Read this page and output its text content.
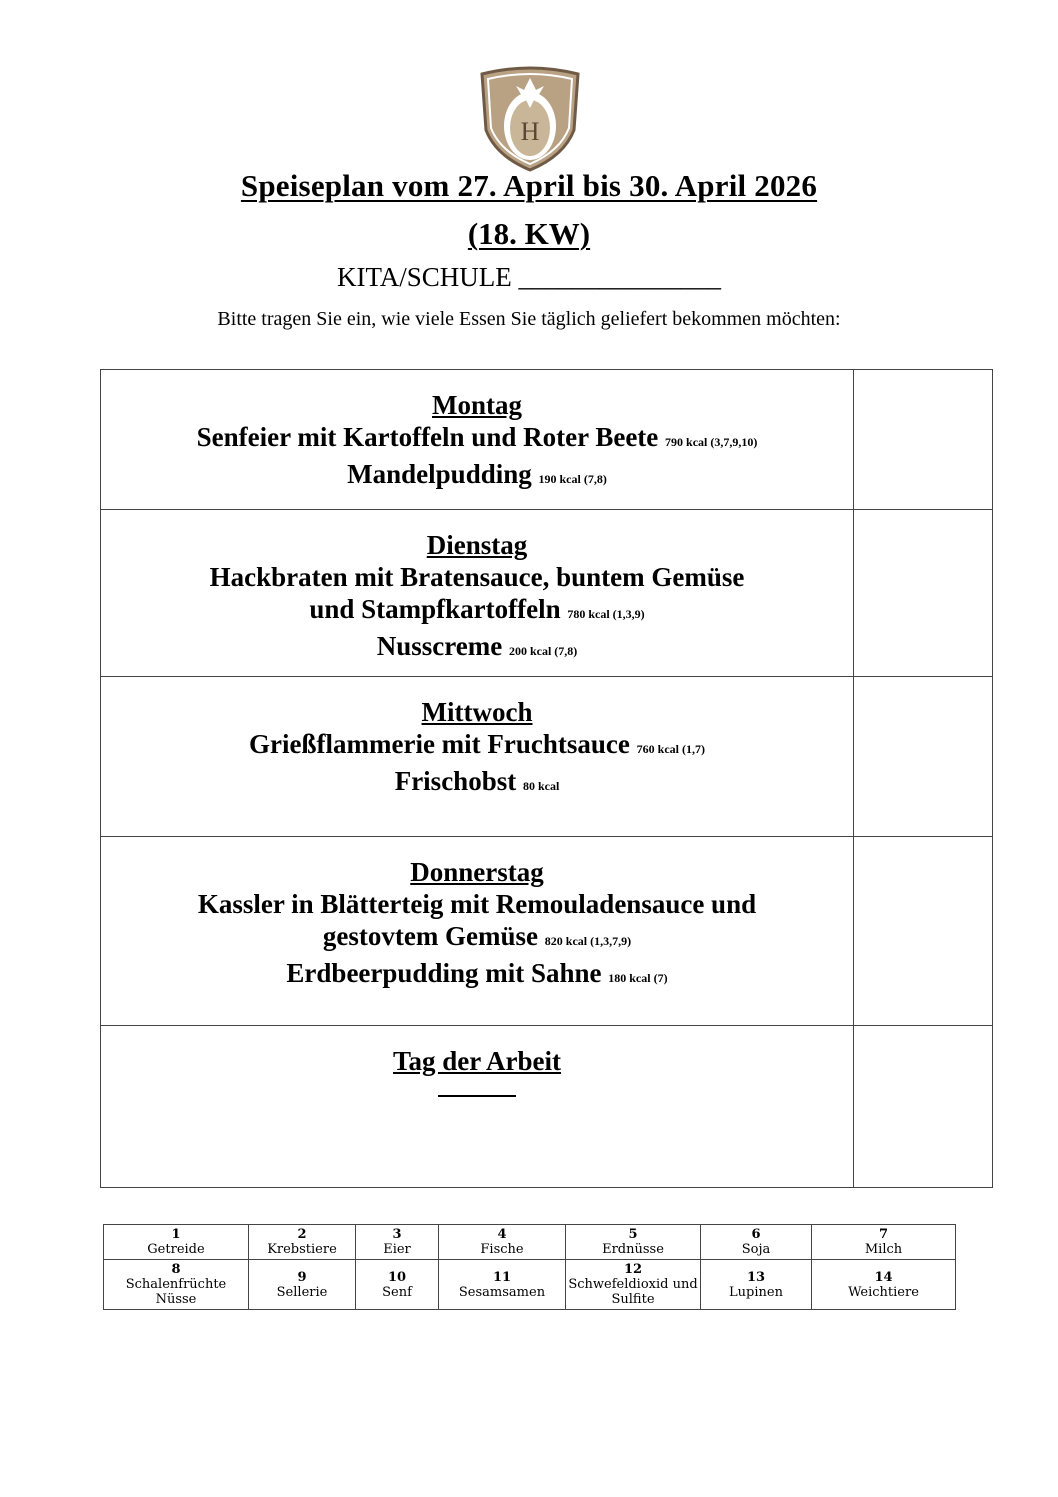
H
Speiseplan vom 27. April bis 30. April 2026
(18. KW)
KITA/SCHULE _______________
Bitte tragen Sie ein, wie viele Essen Sie täglich geliefert bekommen möchten:
Montag
Senfeier mit Kartoffeln und Roter Beete 790 kcal (3,7,9,10)
Mandelpudding 190 kcal (7,8)	

Dienstag
Hackbraten mit Bratensauce, buntem Gemüse
und Stampfkartoffeln 780 kcal (1,3,9)
Nusscreme 200 kcal (7,8)	

Mittwoch
Grießflammerie mit Fruchtsauce 760 kcal (1,7)
Frischobst 80 kcal	

Donnerstag
Kassler in Blätterteig mit Remouladensauce und
gestovtem Gemüse 820 kcal (1,3,7,9)
Erdbeerpudding mit Sahne 180 kcal (7)	

Tag der Arbeit

1
Getreide	2
Krebstiere	3
Eier	4
Fische	5
Erdnüsse	6
Soja	7
Milch

8
Schalenfrüchte Nüsse	9
Sellerie	10
Senf	11
Sesamsamen	12
Schwefeldioxid und Sulfite	13
Lupinen	14
Weichtiere
